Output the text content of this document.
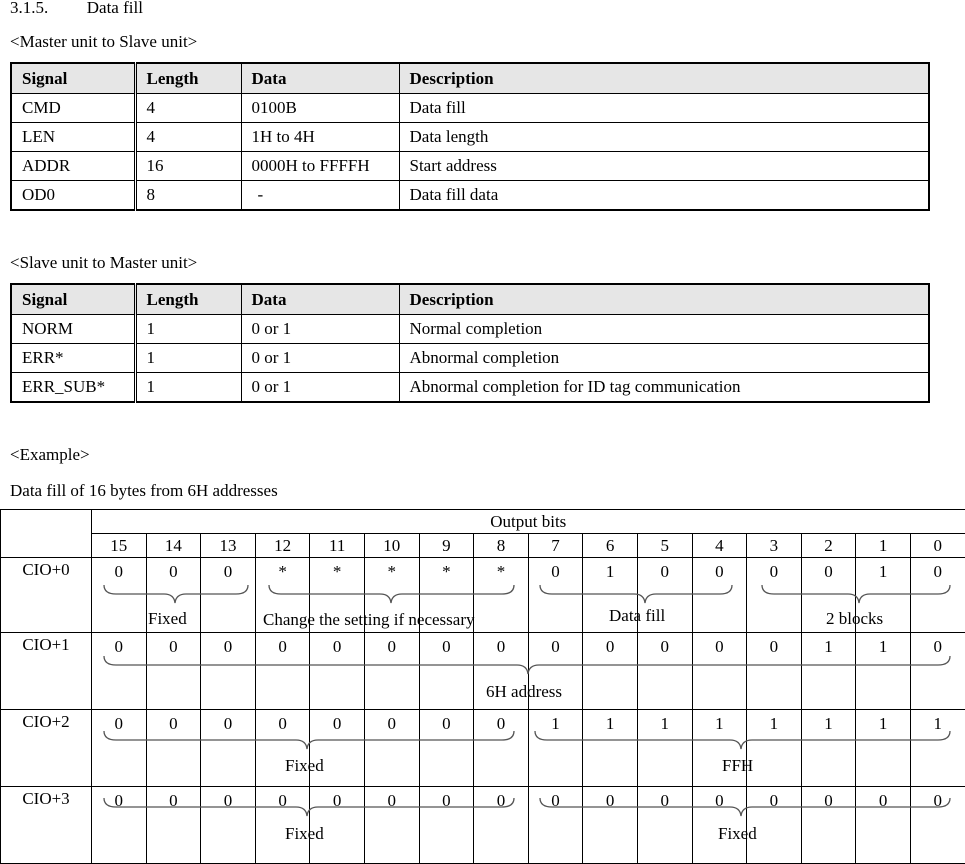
3.1.5. Data fill
<Master unit to Slave unit>
Signal	Length	Data	Description
CMD	4	0100B	Data fill
LEN	4	1H to 4H	Data length
ADDR	16	0000H to FFFFH	Start address
OD0	8	-	Data fill data
<Slave unit to Master unit>
Signal	Length	Data	Description
NORM	1	0 or 1	Normal completion
ERR*	1	0 or 1	Abnormal completion
ERR_SUB*	1	0 or 1	Abnormal completion for ID tag communication
<Example>
Data fill of 16 bytes from 6H addresses
	Output bits															
	15	14	13	12	11	10	9	8	7	6	5	4	3	2	1	0
CIO+0	0	0	0	*	*	*	*	*	0	1	0	0	0	0	1	0
CIO+1	0	0	0	0	0	0	0	0	0	0	0	0	0	1	1	0
CIO+2	0	0	0	0	0	0	0	0	1	1	1	1	1	1	1	1
CIO+3	0	0	0	0	0	0	0	0	0	0	0	0	0	0	0	0
Fixed	Change the setting if necessary	Data fill	2 blocks
6H address
Fixed	FFH
Fixed	Fixed
